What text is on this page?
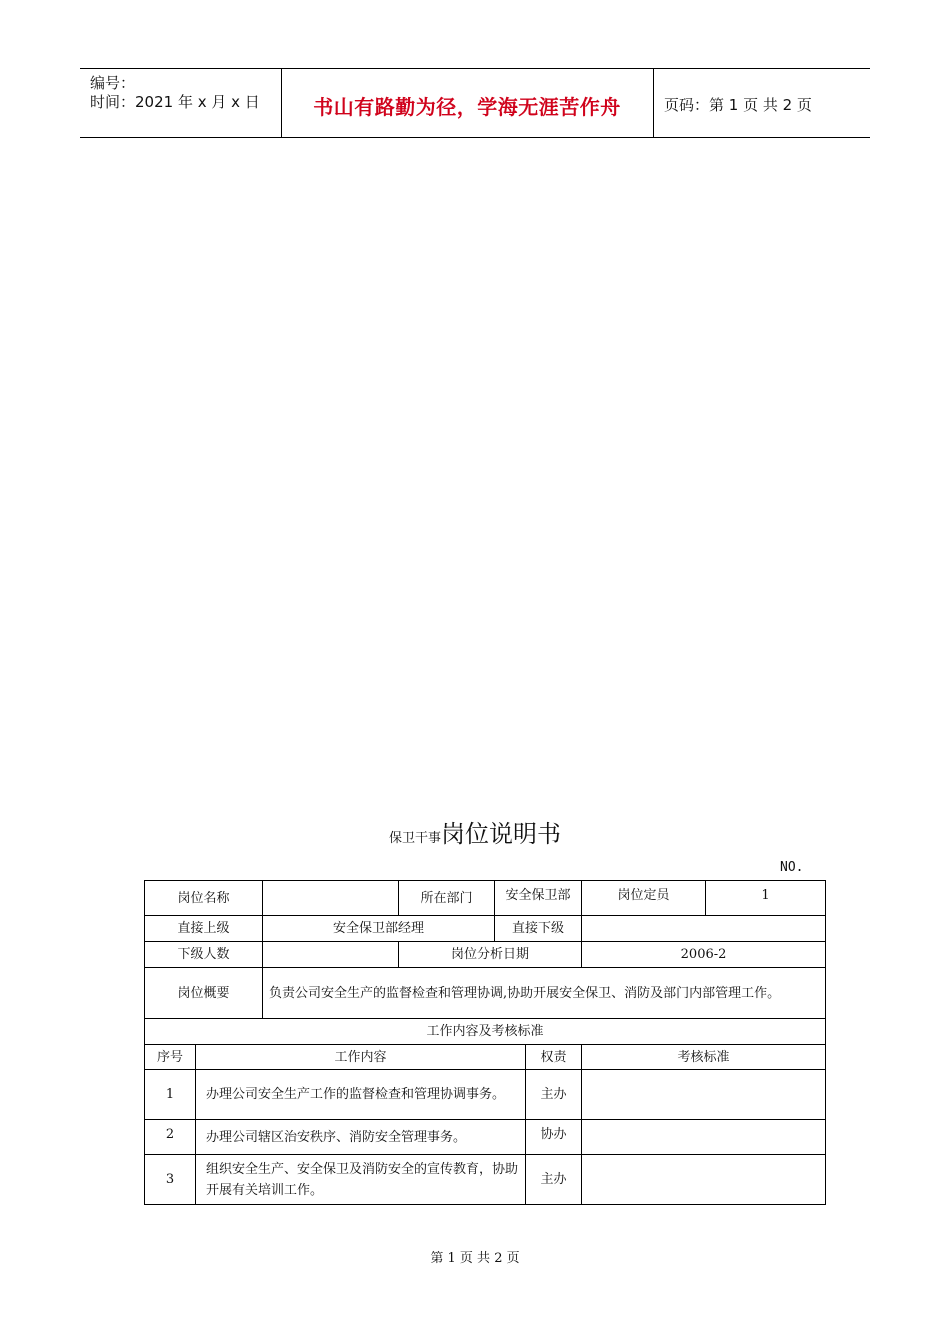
编号：
时间：2021 年 x 月 x 日	书山有路勤为径，学海无涯苦作舟	页码：第 1 页 共 2 页
保卫干事岗位说明书
NO.
岗位名称			所在部门	安全保卫部		岗位定员	1
直接上级		安全保卫部经理		直接下级			
下级人数			岗位分析日期			2006-2	
岗位概要		负责公司安全生产的监督检查和管理协调,协助开展安全保卫、消防及部门内部管理工作。					
工作内容及考核标准							
序号	工作内容				权责	考核标准	
1	办理公司安全生产工作的监督检查和管理协调事务。				主办		
2	办理公司辖区治安秩序、消防安全管理事务。				协办		
3	组织安全生产、安全保卫及消防安全的宣传教育，协助开展有关培训工作。				主办		
第 1 页 共 2 页
